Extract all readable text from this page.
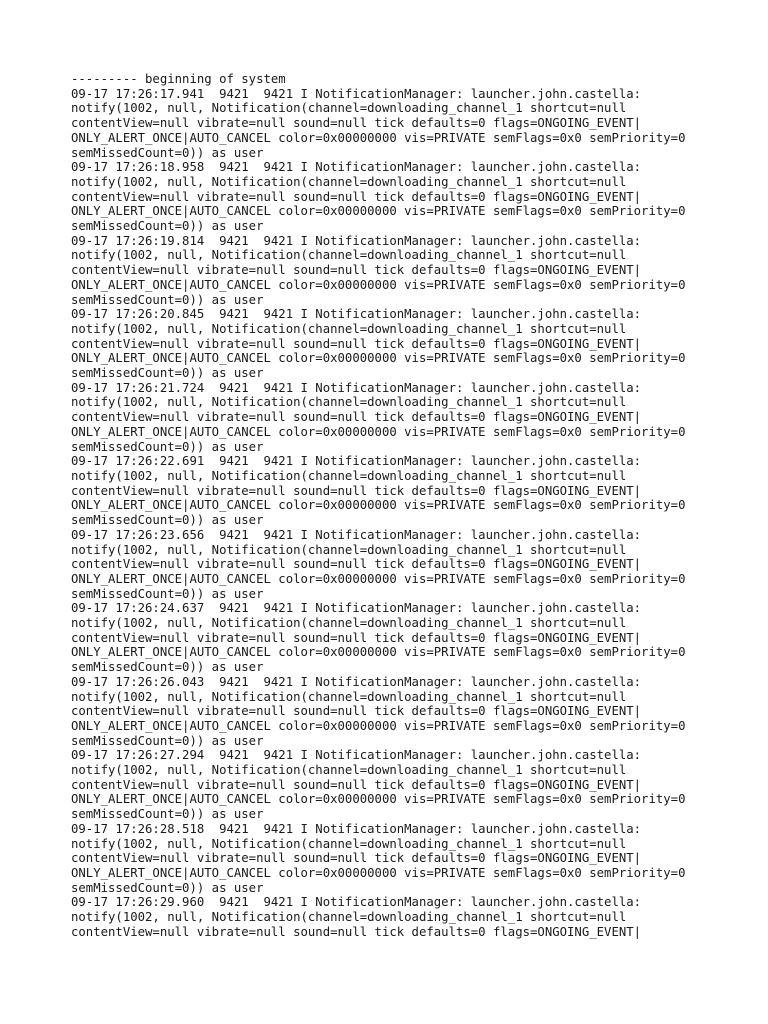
--------- beginning of system
09-17 17:26:17.941  9421  9421 I NotificationManager: launcher.john.castella:
notify(1002, null, Notification(channel=downloading_channel_1 shortcut=null
contentView=null vibrate=null sound=null tick defaults=0 flags=ONGOING_EVENT|
ONLY_ALERT_ONCE|AUTO_CANCEL color=0x00000000 vis=PRIVATE semFlags=0x0 semPriority=0
semMissedCount=0)) as user
09-17 17:26:18.958  9421  9421 I NotificationManager: launcher.john.castella:
notify(1002, null, Notification(channel=downloading_channel_1 shortcut=null
contentView=null vibrate=null sound=null tick defaults=0 flags=ONGOING_EVENT|
ONLY_ALERT_ONCE|AUTO_CANCEL color=0x00000000 vis=PRIVATE semFlags=0x0 semPriority=0
semMissedCount=0)) as user
09-17 17:26:19.814  9421  9421 I NotificationManager: launcher.john.castella:
notify(1002, null, Notification(channel=downloading_channel_1 shortcut=null
contentView=null vibrate=null sound=null tick defaults=0 flags=ONGOING_EVENT|
ONLY_ALERT_ONCE|AUTO_CANCEL color=0x00000000 vis=PRIVATE semFlags=0x0 semPriority=0
semMissedCount=0)) as user
09-17 17:26:20.845  9421  9421 I NotificationManager: launcher.john.castella:
notify(1002, null, Notification(channel=downloading_channel_1 shortcut=null
contentView=null vibrate=null sound=null tick defaults=0 flags=ONGOING_EVENT|
ONLY_ALERT_ONCE|AUTO_CANCEL color=0x00000000 vis=PRIVATE semFlags=0x0 semPriority=0
semMissedCount=0)) as user
09-17 17:26:21.724  9421  9421 I NotificationManager: launcher.john.castella:
notify(1002, null, Notification(channel=downloading_channel_1 shortcut=null
contentView=null vibrate=null sound=null tick defaults=0 flags=ONGOING_EVENT|
ONLY_ALERT_ONCE|AUTO_CANCEL color=0x00000000 vis=PRIVATE semFlags=0x0 semPriority=0
semMissedCount=0)) as user
09-17 17:26:22.691  9421  9421 I NotificationManager: launcher.john.castella:
notify(1002, null, Notification(channel=downloading_channel_1 shortcut=null
contentView=null vibrate=null sound=null tick defaults=0 flags=ONGOING_EVENT|
ONLY_ALERT_ONCE|AUTO_CANCEL color=0x00000000 vis=PRIVATE semFlags=0x0 semPriority=0
semMissedCount=0)) as user
09-17 17:26:23.656  9421  9421 I NotificationManager: launcher.john.castella:
notify(1002, null, Notification(channel=downloading_channel_1 shortcut=null
contentView=null vibrate=null sound=null tick defaults=0 flags=ONGOING_EVENT|
ONLY_ALERT_ONCE|AUTO_CANCEL color=0x00000000 vis=PRIVATE semFlags=0x0 semPriority=0
semMissedCount=0)) as user
09-17 17:26:24.637  9421  9421 I NotificationManager: launcher.john.castella:
notify(1002, null, Notification(channel=downloading_channel_1 shortcut=null
contentView=null vibrate=null sound=null tick defaults=0 flags=ONGOING_EVENT|
ONLY_ALERT_ONCE|AUTO_CANCEL color=0x00000000 vis=PRIVATE semFlags=0x0 semPriority=0
semMissedCount=0)) as user
09-17 17:26:26.043  9421  9421 I NotificationManager: launcher.john.castella:
notify(1002, null, Notification(channel=downloading_channel_1 shortcut=null
contentView=null vibrate=null sound=null tick defaults=0 flags=ONGOING_EVENT|
ONLY_ALERT_ONCE|AUTO_CANCEL color=0x00000000 vis=PRIVATE semFlags=0x0 semPriority=0
semMissedCount=0)) as user
09-17 17:26:27.294  9421  9421 I NotificationManager: launcher.john.castella:
notify(1002, null, Notification(channel=downloading_channel_1 shortcut=null
contentView=null vibrate=null sound=null tick defaults=0 flags=ONGOING_EVENT|
ONLY_ALERT_ONCE|AUTO_CANCEL color=0x00000000 vis=PRIVATE semFlags=0x0 semPriority=0
semMissedCount=0)) as user
09-17 17:26:28.518  9421  9421 I NotificationManager: launcher.john.castella:
notify(1002, null, Notification(channel=downloading_channel_1 shortcut=null
contentView=null vibrate=null sound=null tick defaults=0 flags=ONGOING_EVENT|
ONLY_ALERT_ONCE|AUTO_CANCEL color=0x00000000 vis=PRIVATE semFlags=0x0 semPriority=0
semMissedCount=0)) as user
09-17 17:26:29.960  9421  9421 I NotificationManager: launcher.john.castella:
notify(1002, null, Notification(channel=downloading_channel_1 shortcut=null
contentView=null vibrate=null sound=null tick defaults=0 flags=ONGOING_EVENT|
